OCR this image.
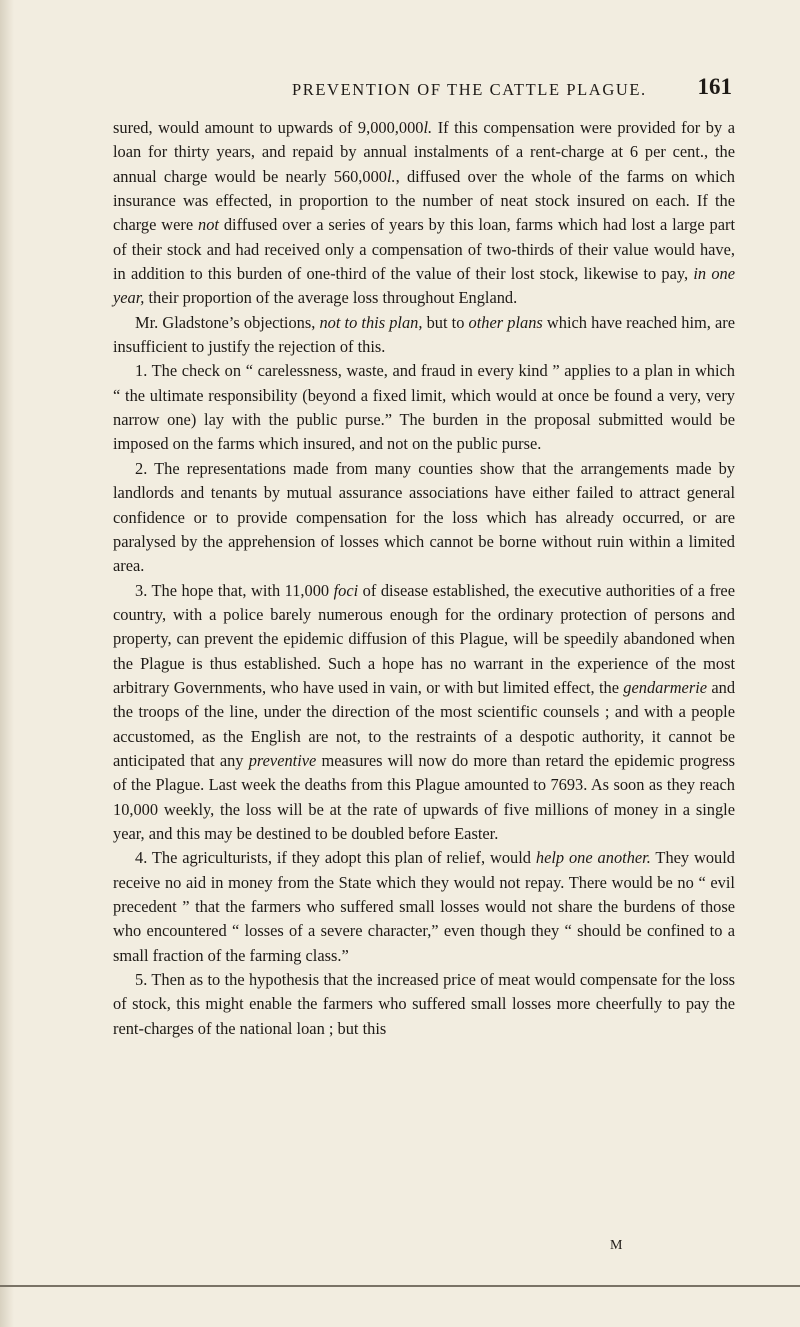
PREVENTION OF THE CATTLE PLAGUE. 161

sured, would amount to upwards of 9,000,000l. If this compensation were provided for by a loan for thirty years, and repaid by annual instalments of a rent-charge at 6 per cent., the annual charge would be nearly 560,000l., diffused over the whole of the farms on which insurance was effected, in proportion to the number of neat stock insured on each. If the charge were not diffused over a series of years by this loan, farms which had lost a large part of their stock and had received only a compensation of two-thirds of their value would have, in addition to this burden of one-third of the value of their lost stock, likewise to pay, in one year, their proportion of the average loss throughout England.

Mr. Gladstone’s objections, not to this plan, but to other plans which have reached him, are insufficient to justify the rejection of this.

1. The check on “ carelessness, waste, and fraud in every kind ” applies to a plan in which “ the ultimate responsibility (beyond a fixed limit, which would at once be found a very, very narrow one) lay with the public purse.” The burden in the proposal submitted would be imposed on the farms which insured, and not on the public purse.

2. The representations made from many counties show that the arrangements made by landlords and tenants by mutual assurance associations have either failed to attract general confidence or to provide compensation for the loss which has already occurred, or are paralysed by the apprehension of losses which cannot be borne without ruin within a limited area.

3. The hope that, with 11,000 foci of disease established, the executive authorities of a free country, with a police barely numerous enough for the ordinary protection of persons and property, can prevent the epidemic diffusion of this Plague, will be speedily abandoned when the Plague is thus established. Such a hope has no warrant in the experience of the most arbitrary Governments, who have used in vain, or with but limited effect, the gendarmerie and the troops of the line, under the direction of the most scientific counsels ; and with a people accustomed, as the English are not, to the restraints of a despotic authority, it cannot be anticipated that any preventive measures will now do more than retard the epidemic progress of the Plague. Last week the deaths from this Plague amounted to 7693. As soon as they reach 10,000 weekly, the loss will be at the rate of upwards of five millions of money in a single year, and this may be destined to be doubled before Easter.

4. The agriculturists, if they adopt this plan of relief, would help one another. They would receive no aid in money from the State which they would not repay. There would be no “ evil precedent ” that the farmers who suffered small losses would not share the burdens of those who encountered “ losses of a severe character,” even though they “ should be confined to a small fraction of the farming class.”

5. Then as to the hypothesis that the increased price of meat would compensate for the loss of stock, this might enable the farmers who suffered small losses more cheerfully to pay the rent-charges of the national loan ; but this

M
